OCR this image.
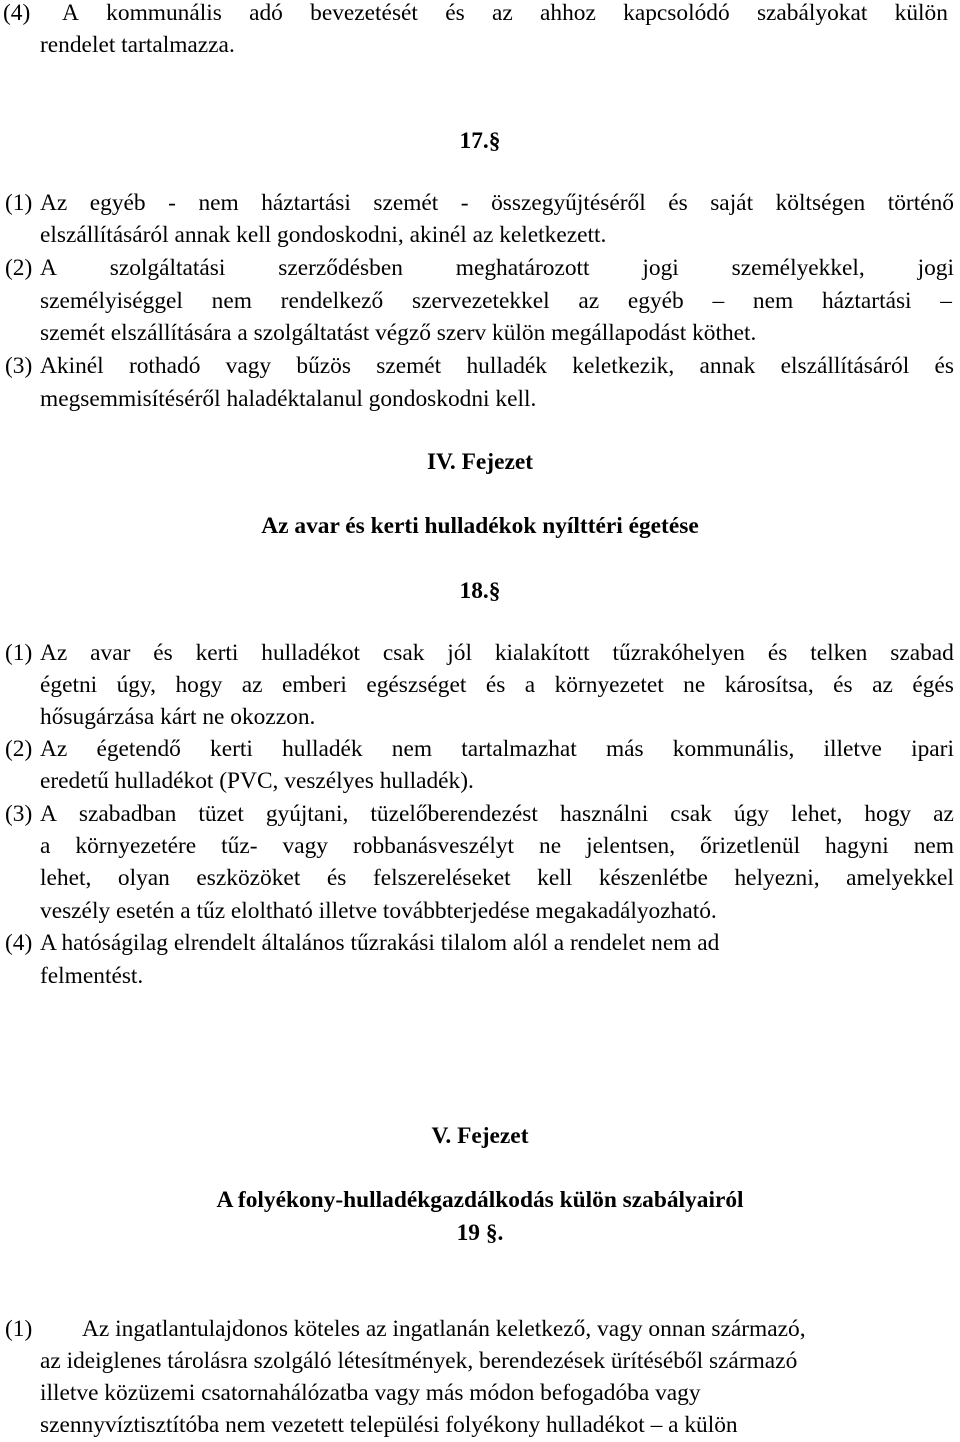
(4) A kommunális adó bevezetését és az ahhoz kapcsolódó szabályokat külön
rendelet tartalmazza.
17.§
(1) Az egyéb - nem háztartási szemét - összegyűjtéséről és saját költségen történő
elszállításáról annak kell gondoskodni, akinél az keletkezett.
(2) A szolgáltatási szerződésben meghatározott jogi személyekkel, jogi
személyiséggel nem rendelkező szervezetekkel az egyéb – nem háztartási –
szemét elszállítására a szolgáltatást végző szerv külön megállapodást köthet.
(3) Akinél rothadó vagy bűzös szemét hulladék keletkezik, annak elszállításáról és
megsemmisítéséről haladéktalanul gondoskodni kell.
IV. Fejezet
Az avar és kerti hulladékok nyílttéri égetése
18.§
(1) Az avar és kerti hulladékot csak jól kialakított tűzrakóhelyen és telken szabad
égetni úgy, hogy az emberi egészséget és a környezetet ne károsítsa, és az égés
hősugárzása kárt ne okozzon.
(2) Az égetendő kerti hulladék nem tartalmazhat más kommunális, illetve ipari
eredetű hulladékot (PVC, veszélyes hulladék).
(3) A szabadban tüzet gyújtani, tüzelőberendezést használni csak úgy lehet, hogy az
a környezetére tűz- vagy robbanásveszélyt ne jelentsen, őrizetlenül hagyni nem
lehet, olyan eszközöket és felszereléseket kell készenlétbe helyezni, amelyekkel
veszély esetén a tűz eloltható illetve továbbterjedése megakadályozható.
(4) A hatóságilag elrendelt általános tűzrakási tilalom alól a rendelet nem ad
felmentést.
V. Fejezet
A folyékony-hulladékgazdálkodás külön szabályairól
19 §.
(1) Az ingatlantulajdonos köteles az ingatlanán keletkező, vagy onnan származó,
az ideiglenes tárolásra szolgáló létesítmények, berendezések ürítéséből származó
illetve közüzemi csatornahálózatba vagy más módon befogadóba vagy
szennyvíztisztítóba nem vezetett települési folyékony hulladékot – a külön
